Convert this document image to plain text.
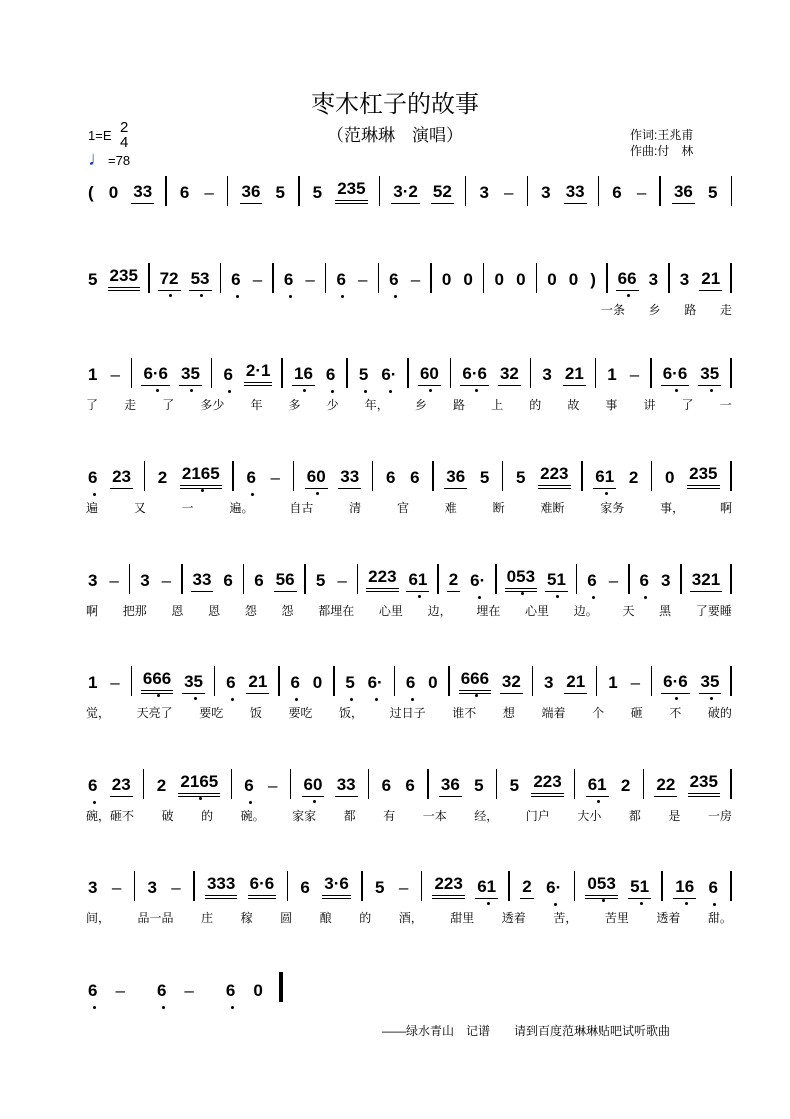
枣木杠子的故事
（范琳琳　演唱）
1=E 2
4
♩=78
作词:王兆甫
作曲:付　林
( 0 33 6 – 36 5 5 235 3·2 52 3 – 3 33 6 – 36 5
5 235 72 53 6 – 6 – 6 – 6 – 0 0 0 0 0 0 ) 66 3 3 21
一条 乡 路 走
1 – 6·6 35 6 2·1 16 6 5 6· 60 6·6 32 3 21 1 – 6·6 35
了 走 了 多少 年 多 少 年， 乡 路 上 的 故 事 讲 了 一
6 23 2 2165 6 – 60 33 6 6 36 5 5 223 61 2 0 235
遍	又	一	遍。	自古	清	官	难	断	难断	家务	事，	啊
3 – 3 – 33 6 6 56 5 – 223 61 2 6· 053 51 6 – 6 3 321
啊 把那 恩 恩 怨 怨 都埋在 心里 边， 埋在 心里 边。 天 黑 了要睡
1 – 666 35 6 21 6 0 5 6· 6 0 666 32 3 21 1 – 6·6 35
觉， 天亮了 要吃 饭 要吃 饭， 过日子 谁不 想 端着 个 砸 不 破的
6 23 2 2165 6 – 60 33 6 6 36 5 5 223 61 2 22 235
碗，砸不 破 的 碗。 家家 都 有 一本 经， 门户 大小 都 是 一房
3 – 3 – 333 6·6 6 3·6 5 – 223 61 2 6· 053 51 16 6
间， 品一品 庄 稼 圆 酿 的 酒， 甜里 透着 苦， 苦里 透着 甜。
6 – 6 – 6 0
——绿水青山　记谱　　请到百度范琳琳贴吧试听歌曲
